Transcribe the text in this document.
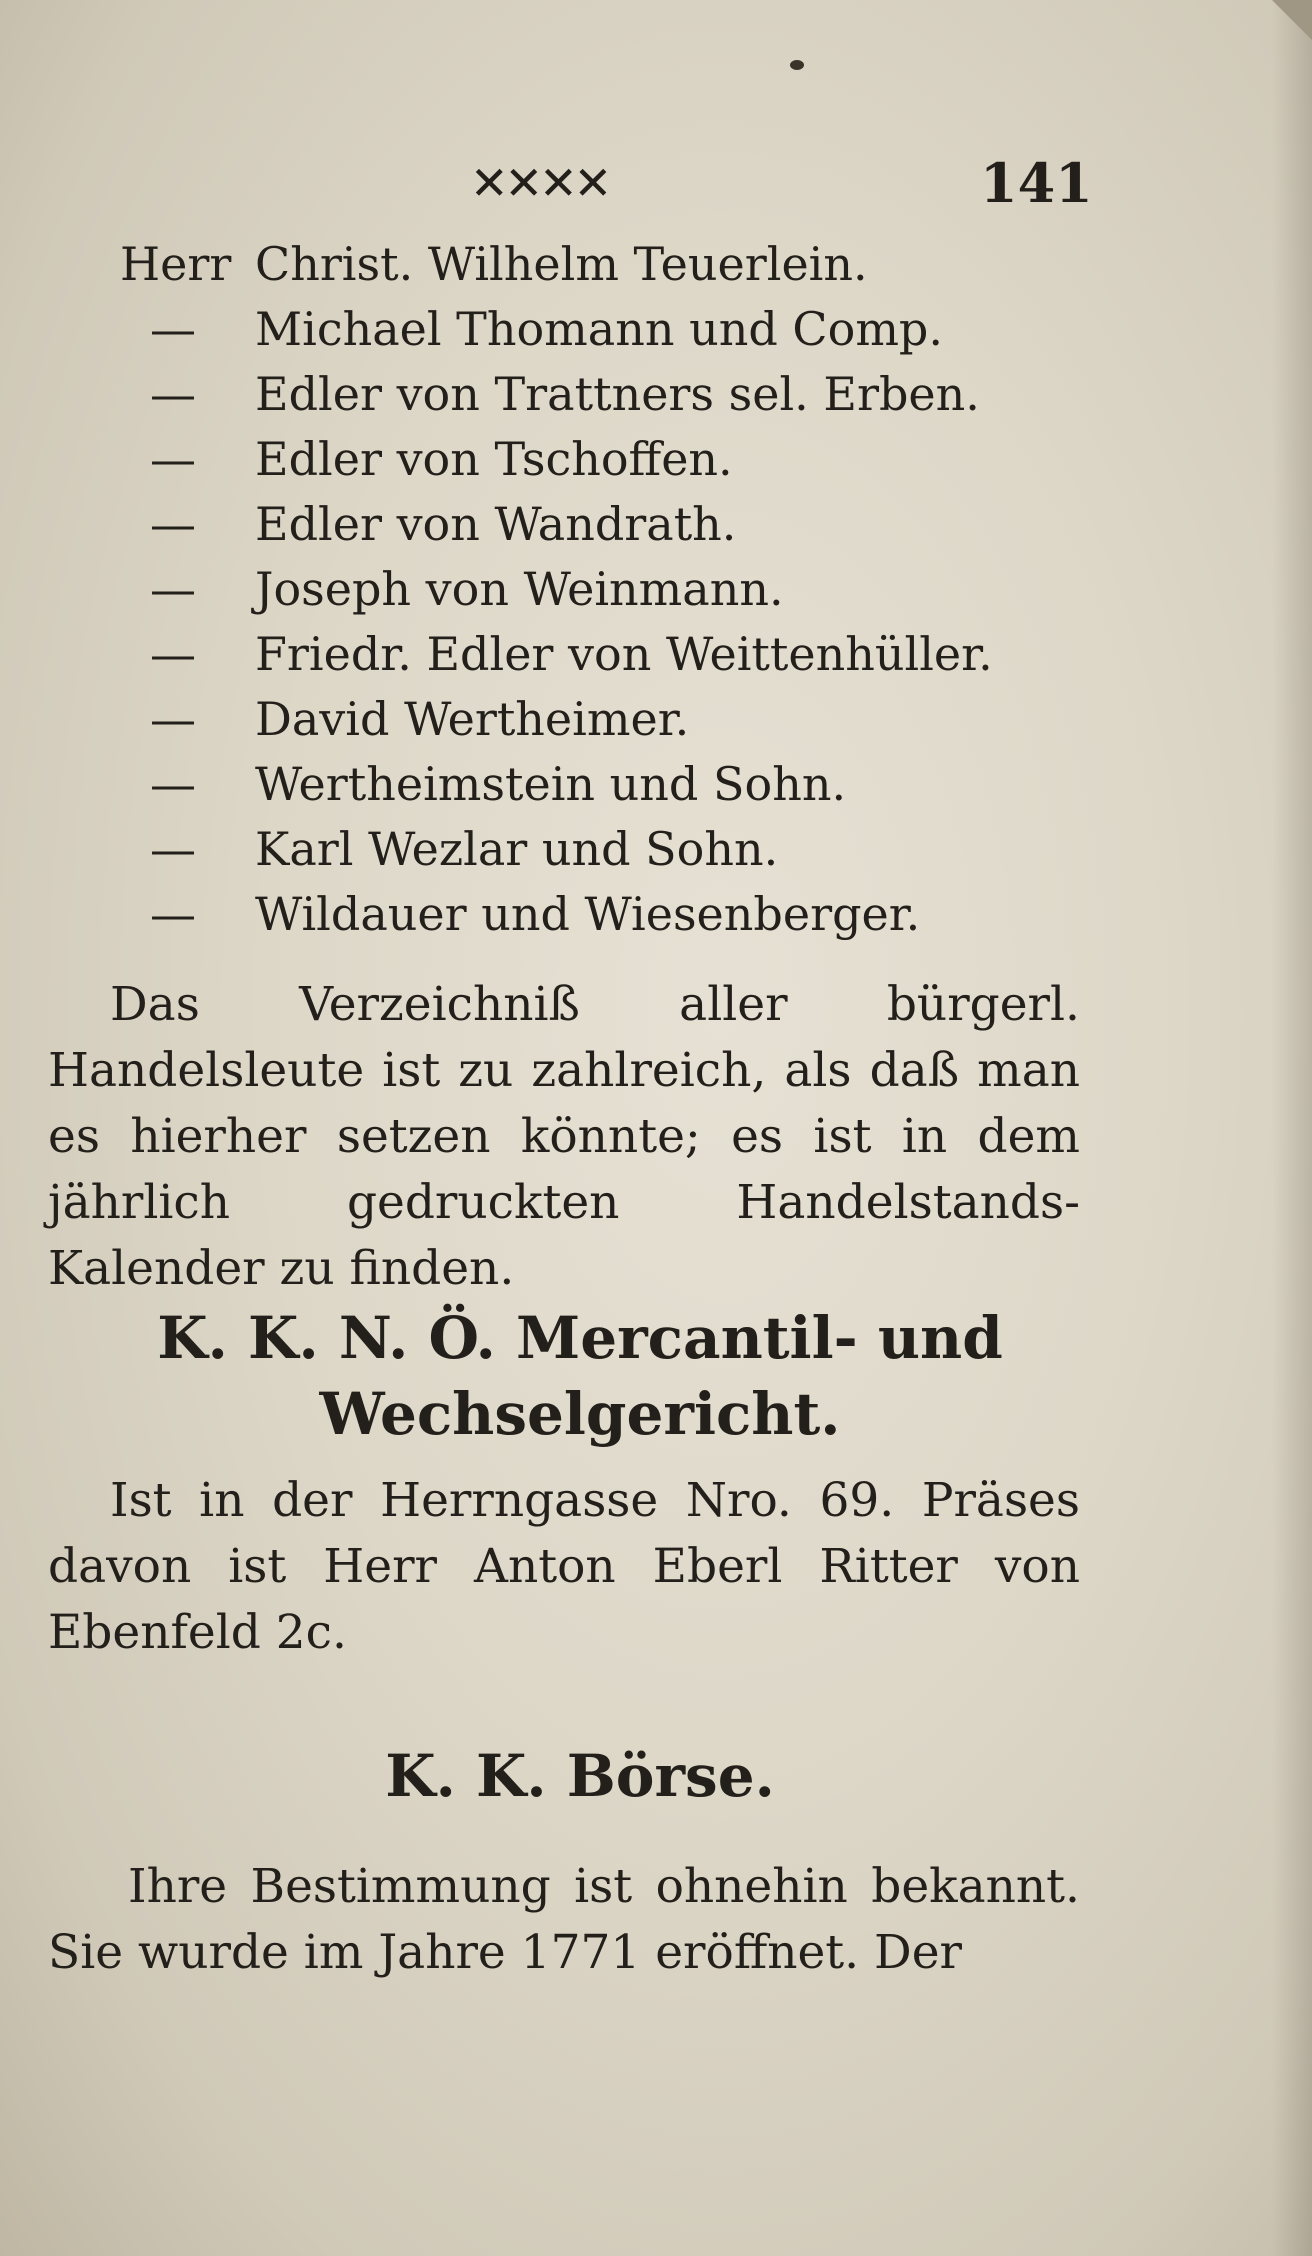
✕✕✕✕	141
Herr Christ. Wilhelm Teuerlein.
—	Michael Thomann und Comp.
—	Edler von Trattners sel. Erben.
—	Edler von Tschoffen.
—	Edler von Wandrath.
—	Joseph von Weinmann.
—	Friedr. Edler von Weittenhüller.
—	David Wertheimer.
—	Wertheimstein und Sohn.
—	Karl Wezlar und Sohn.
—	Wildauer und Wiesenberger.

Das Verzeichniß aller bürgerl. Handelsleute ist zu zahlreich, als daß man es hierher setzen könnte; es ist in dem jährlich gedruckten Handelstands-Kalender zu finden.

K. K. N. Ö. Mercantil- und
Wechselgericht.

Ist in der Herrngasse Nro. 69. Präses davon ist Herr Anton Eberl Ritter von Ebenfeld 2c.

K. K. Börse.

Ihre Bestimmung ist ohnehin bekannt. Sie wurde im Jahre 1771 eröffnet. Der
